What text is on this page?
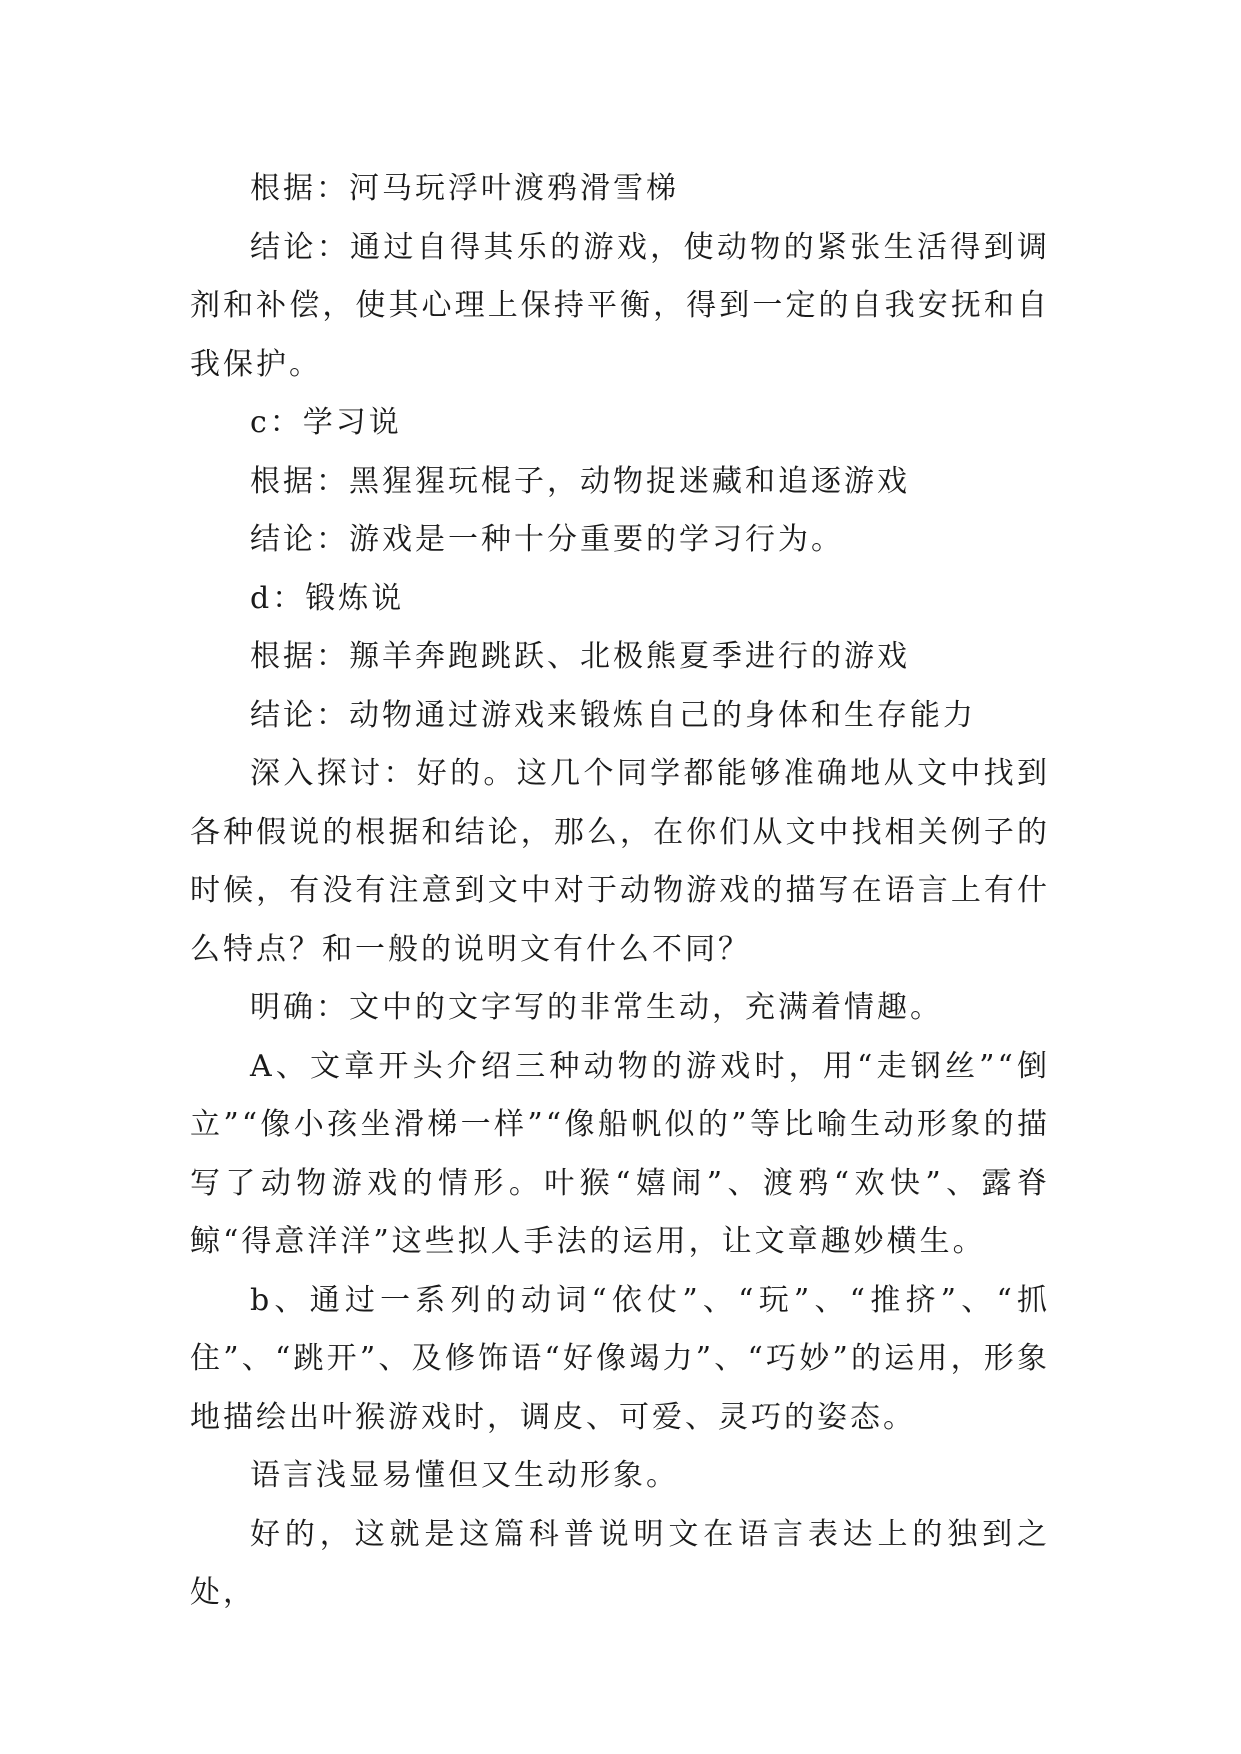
根据：河马玩浮叶渡鸦滑雪梯

结论：通过自得其乐的游戏，使动物的紧张生活得到调剂和补偿，使其心理上保持平衡，得到一定的自我安抚和自我保护。

c：学习说

根据：黑猩猩玩棍子，动物捉迷藏和追逐游戏

结论：游戏是一种十分重要的学习行为。

d：锻炼说

根据：羱羊奔跑跳跃、北极熊夏季进行的游戏

结论：动物通过游戏来锻炼自己的身体和生存能力

深入探讨：好的。这几个同学都能够准确地从文中找到各种假说的根据和结论，那么，在你们从文中找相关例子的时候，有没有注意到文中对于动物游戏的描写在语言上有什么特点？和一般的说明文有什么不同？

明确：文中的文字写的非常生动，充满着情趣。

A、文章开头介绍三种动物的游戏时，用“走钢丝”“倒立”“像小孩坐滑梯一样”“像船帆似的”等比喻生动形象的描写了动物游戏的情形。叶猴“嬉闹”、渡鸦“欢快”、露脊鲸“得意洋洋”这些拟人手法的运用，让文章趣妙横生。

b、通过一系列的动词“依仗”、“玩”、“推挤”、“抓住”、“跳开”、及修饰语“好像竭力”、“巧妙”的运用，形象地描绘出叶猴游戏时，调皮、可爱、灵巧的姿态。

语言浅显易懂但又生动形象。

好的，这就是这篇科普说明文在语言表达上的独到之处，
